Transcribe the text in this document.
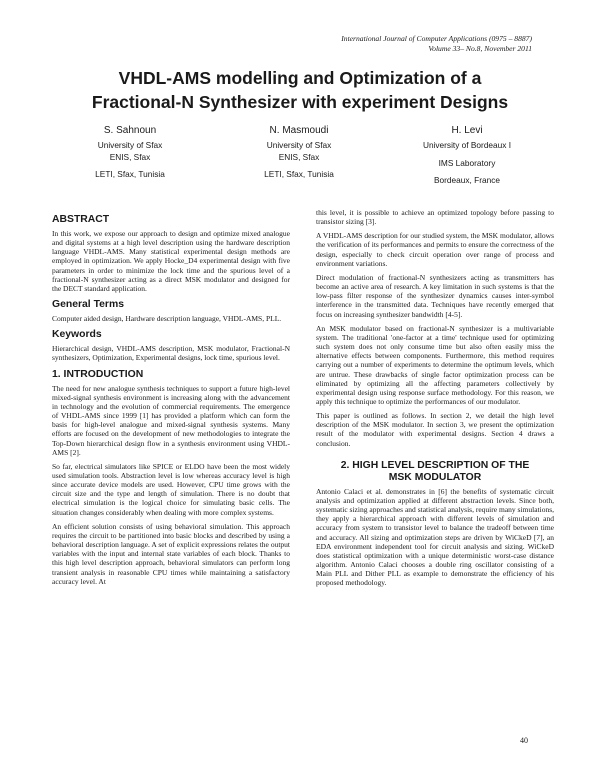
International Journal of Computer Applications (0975 – 8887)
Volume 33– No.8, November 2011
VHDL-AMS modelling and Optimization of a
Fractional-N Synthesizer with experiment Designs
S. Sahnoun
University of Sfax
ENIS, Sfax
LETI, Sfax, Tunisia
N. Masmoudi
University of Sfax
ENIS, Sfax
LETI, Sfax, Tunisia
H. Levi
University of Bordeaux I
IMS Laboratory
Bordeaux, France
ABSTRACT

In this work, we expose our approach to design and optimize mixed analogue and digital systems at a high level description using the hardware description language VHDL-AMS. Many statistical experimental design methods are employed in optimization. We apply Hocke_D4 experimental design with five parameters in order to minimize the lock time and the spurious level of a fractional-N synthesizer acting as a direct MSK modulator and designed for the DECT standard application.

General Terms

Computer aided design, Hardware description language, VHDL-AMS, PLL.

Keywords

Hierarchical design, VHDL-AMS description, MSK modulator, Fractional-N synthesizers, Optimization, Experimental designs, lock time, spurious level.

1. INTRODUCTION

The need for new analogue synthesis techniques to support a future high-level mixed-signal synthesis environment is increasing along with the advancement in technology and the evolution of commercial requirements. The emergence of VHDL-AMS since 1999 [1] has provided a platform which can form the basis for high-level analogue and mixed-signal synthesis systems. Many efforts are focused on the development of new methodologies to integrate the Top-Down hierarchical design flow in a synthesis environment using VHDL-AMS [2].

So far, electrical simulators like SPICE or ELDO have been the most widely used simulation tools. Abstraction level is low whereas accuracy level is high since accurate device models are used. However, CPU time grows with the circuit size and the type and length of simulation. There is no doubt that electrical simulation is the logical choice for simulating basic cells. The situation changes considerably when dealing with more complex systems.

An efficient solution consists of using behavioral simulation. This approach requires the circuit to be partitioned into basic blocks and described by using a behavioral description language. A set of explicit expressions relates the output variables with the input and internal state variables of each block. Thanks to this high level description approach, behavioral simulators can perform long transient analysis in reasonable CPU times while maintaining a satisfactory accuracy level. At

this level, it is possible to achieve an optimized topology before passing to transistor sizing [3].

A VHDL-AMS description for our studied system, the MSK modulator, allows the verification of its performances and permits to ensure the correctness of the design, especially to check circuit operation over range of process and environment variations.

Direct modulation of fractional-N synthesizers acting as transmitters has become an active area of research. A key limitation in such systems is that the low-pass filter response of the synthesizer dynamics causes inter-symbol interference in the transmitted data. Techniques have recently emerged that focus on increasing synthesizer bandwidth [4-5].

An MSK modulator based on fractional-N synthesizer is a multivariable system. The traditional 'one-factor at a time' technique used for optimizing such system does not only consume time but also often easily miss the alternative effects between components. Furthermore, this method requires carrying out a number of experiments to determine the optimum levels, which are untrue. These drawbacks of single factor optimization process can be eliminated by optimizing all the affecting parameters collectively by experimental design using response surface methodology. For this reason, we apply this technique to optimize the performances of our modulator.

This paper is outlined as follows. In section 2, we detail the high level description of the MSK modulator. In section 3, we present the optimization result of the modulator with experimental designs. Section 4 draws a conclusion.

2. HIGH LEVEL DESCRIPTION OF THE
MSK MODULATOR

Antonio Calaci et al. demonstrates in [6] the benefits of systematic circuit analysis and optimization applied at different abstraction levels. Since both, systematic sizing approaches and statistical analysis, require many simulations, they apply a hierarchical approach with different levels of simulation and accuracy from system to transistor level to balance the tradeoff between time and accuracy. All sizing and optimization steps are driven by WiCkeD [7], an EDA environment independent tool for circuit analysis and sizing. WiCkeD does statistical optimization with a unique deterministic worst-case distance algorithm. Antonio Calaci chooses a double ring oscillator consisting of a Main PLL and Dither PLL as example to demonstrate the efficiency of his proposed methodology.

40
